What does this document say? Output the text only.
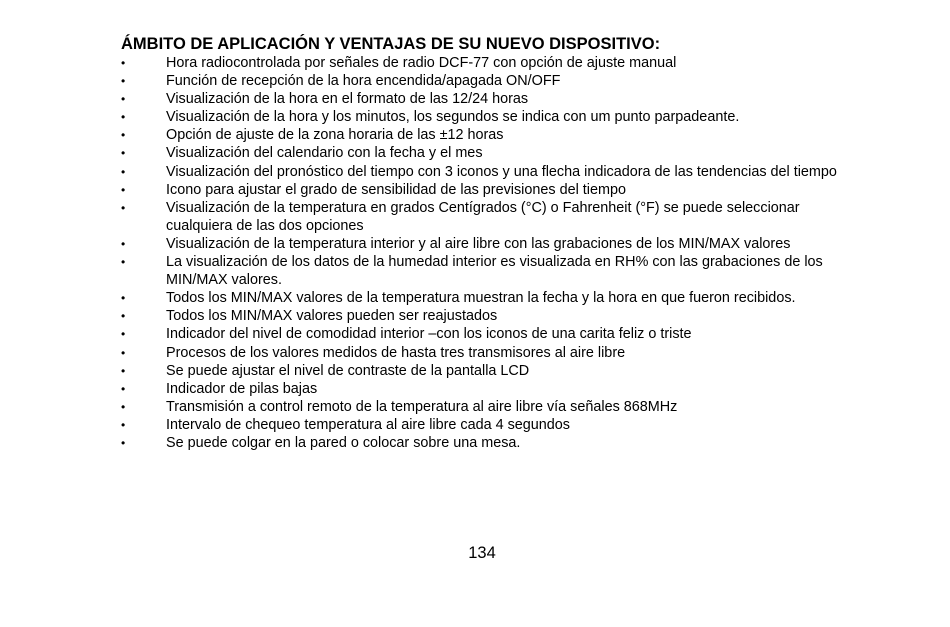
ÁMBITO DE APLICACIÓN Y VENTAJAS DE SU NUEVO DISPOSITIVO:
•	Hora radiocontrolada por señales de radio DCF-77 con opción de ajuste manual
•	Función de recepción de la hora encendida/apagada ON/OFF
•	Visualización de la hora en el formato de las 12/24 horas
•	Visualización de la hora y los minutos, los segundos se indica con um punto parpadeante.
•	Opción de ajuste de la zona horaria de las ±12 horas
•	Visualización del calendario con la fecha y el mes
•	Visualización del pronóstico del tiempo con 3 iconos y una flecha indicadora de las tendencias del tiempo
•	Icono para ajustar el grado de sensibilidad de las previsiones del tiempo
•	Visualización de la temperatura en grados Centígrados (°C) o Fahrenheit (°F) se puede seleccionar cualquiera de las dos opciones
•	Visualización de la temperatura interior y al aire libre con las grabaciones de los MIN/MAX valores
•	La visualización de los datos de la humedad interior es visualizada en RH% con las grabaciones de los MIN/MAX valores.
•	Todos los MIN/MAX valores de la temperatura muestran la fecha y la hora en que fueron recibidos.
•	Todos los MIN/MAX valores pueden ser reajustados
•	Indicador del nivel de comodidad interior –con los iconos de una carita feliz o triste
•	Procesos de los valores medidos de hasta tres transmisores al aire libre
•	Se puede ajustar el nivel de contraste de la pantalla LCD
•	Indicador de pilas bajas
•	Transmisión a control remoto de la temperatura al aire libre vía señales 868MHz
•	Intervalo de chequeo temperatura al aire libre cada 4 segundos
•	Se puede colgar en la pared o colocar sobre una mesa.
134
